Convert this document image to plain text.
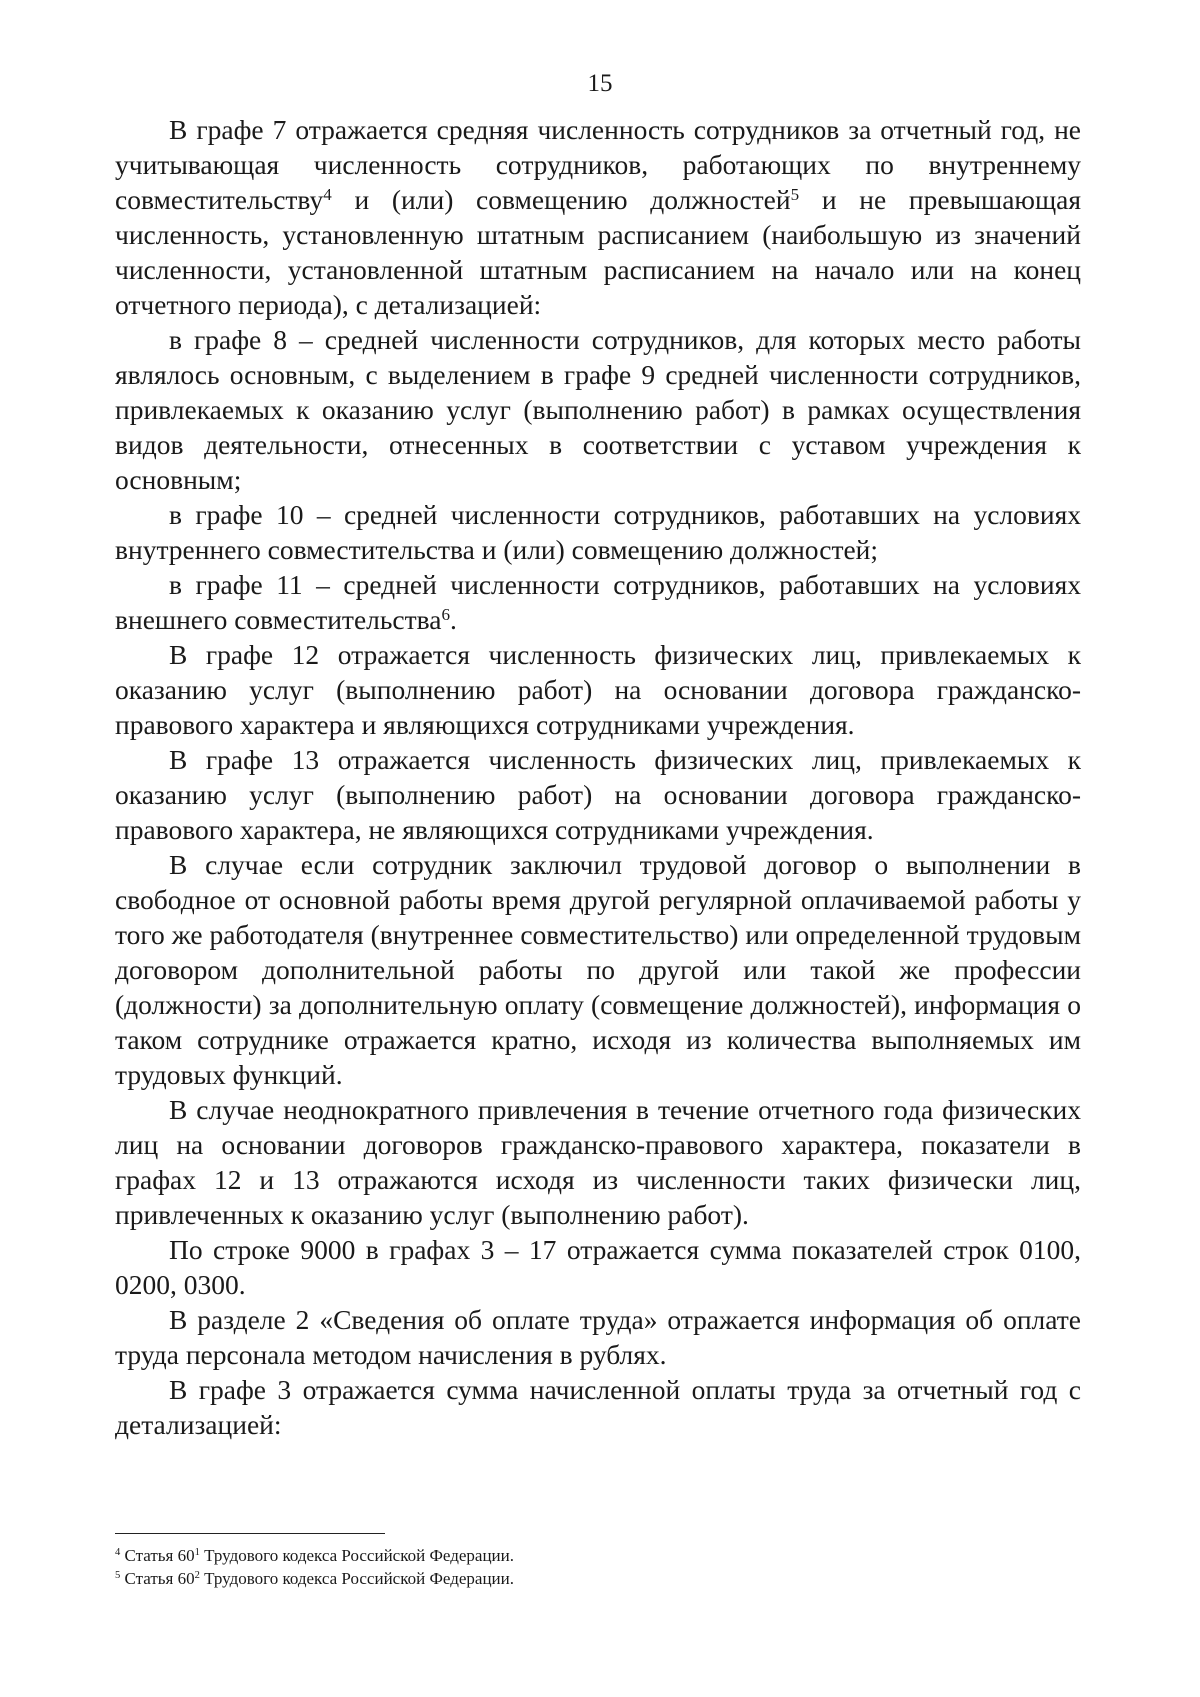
15

В графе 7 отражается средняя численность сотрудников за отчетный год, не учитывающая численность сотрудников, работающих по внутреннему совместительству$^4$ и (или) совмещению должностей$^5$ и не превышающая численность, установленную штатным расписанием (наибольшую из значений численности, установленной штатным расписанием на начало или на конец отчетного периода), с детализацией:

в графе 8 – средней численности сотрудников, для которых место работы являлось основным, с выделением в графе 9 средней численности сотрудников, привлекаемых к оказанию услуг (выполнению работ) в рамках осуществления видов деятельности, отнесенных в соответствии с уставом учреждения к основным;

в графе 10 – средней численности сотрудников, работавших на условиях внутреннего совместительства и (или) совмещению должностей;

в графе 11 – средней численности сотрудников, работавших на условиях внешнего совместительства$^6$.

В графе 12 отражается численность физических лиц, привлекаемых к оказанию услуг (выполнению работ) на основании договора гражданско-правового характера и являющихся сотрудниками учреждения.

В графе 13 отражается численность физических лиц, привлекаемых к оказанию услуг (выполнению работ) на основании договора гражданско-правового характера, не являющихся сотрудниками учреждения.

В случае если сотрудник заключил трудовой договор о выполнении в свободное от основной работы время другой регулярной оплачиваемой работы у того же работодателя (внутреннее совместительство) или определенной трудовым договором дополнительной работы по другой или такой же профессии (должности) за дополнительную оплату (совмещение должностей), информация о таком сотруднике отражается кратно, исходя из количества выполняемых им трудовых функций.

В случае неоднократного привлечения в течение отчетного года физических лиц на основании договоров гражданско-правового характера, показатели в графах 12 и 13 отражаются исходя из численности таких физически лиц, привлеченных к оказанию услуг (выполнению работ).

По строке 9000 в графах 3 – 17 отражается сумма показателей строк 0100, 0200, 0300.

В разделе 2 «Сведения об оплате труда» отражается информация об оплате труда персонала методом начисления в рублях.

В графе 3 отражается сумма начисленной оплаты труда за отчетный год с детализацией:

$^4$ Статья $60^1$ Трудового кодекса Российской Федерации.

$^5$ Статья $60^2$ Трудового кодекса Российской Федерации.
